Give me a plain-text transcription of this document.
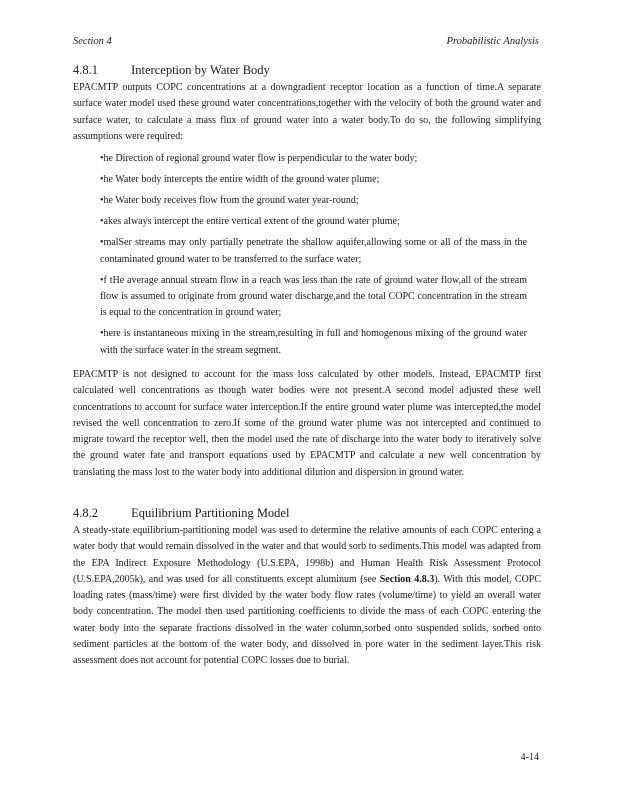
Section 4	Probabilistic Analysis
4.8.1	Interception by Water Body

EPACMTP outputs COPC concentrations at a downgradient receptor location as a function of time.A separate surface water model used these ground water concentrations,together with the velocity of both the ground water and surface water, to calculate a mass flux of ground water into a water body.To do so, the following simplifying assumptions were required:

•he Direction of regional ground water flow is perpendicular to the water body;
•he Water body intercepts the entire width of the ground water plume;
•he Water body receives flow from the ground water year-round;
•akes always intercept the entire vertical extent of the ground water plume;
•malSer streams may only partially penetrate the shallow aquifer,allowing some or all of the mass in the contaminated ground water to be transferred to the surface water;
•f tHe average annual stream flow in a reach was less than the rate of ground water flow,all of the stream flow is assumed to originate from ground water discharge,and the total COPC concentration in the stream is equal to the concentration in ground water;
•here is instantaneous mixing in the stream,resulting in full and homogenous mixing of the ground water with the surface water in the stream segment.

EPACMTP is not designed to account for the mass loss calculated by other models. Instead, EPACMTP first calculated well concentrations as though water bodies were not present.A second model adjusted these well concentrations to account for surface water interception.If the entire ground water plume was intercepted,the model revised the well concentration to zero.If some of the ground water plume was not intercepted and continued to migrate toward the receptor well, then the model used the rate of discharge into the water body to iteratively solve the ground water fate and transport equations used by EPACMTP and calculate a new well concentration by translating the mass lost to the water body into additional dilution and dispersion in ground water.

4.8.2	Equilibrium Partitioning Model

A steady-state equilibrium-partitioning model was used to determine the relative amounts of each COPC entering a water body that would remain dissolved in the water and that would sorb to sediments.This model was adapted from the EPA Indirect Exposure Methodology (U.S.EPA, 1998b) and Human Health Risk Assessment Protocol (U.S.EPA,2005k), and was used for all constituents except aluminum (see Section 4.8.3). With this model, COPC loading rates (mass/time) were first divided by the water body flow rates (volume/time) to yield an overall water body concentration. The model then used partitioning coefficients to divide the mass of each COPC entering the water body into the separate fractions dissolved in the water column,sorbed onto suspended solids, sorbed onto sediment particles at the bottom of the water body, and dissolved in pore water in the sediment layer.This risk assessment does not account for potential COPC losses due to burial.

4-14
